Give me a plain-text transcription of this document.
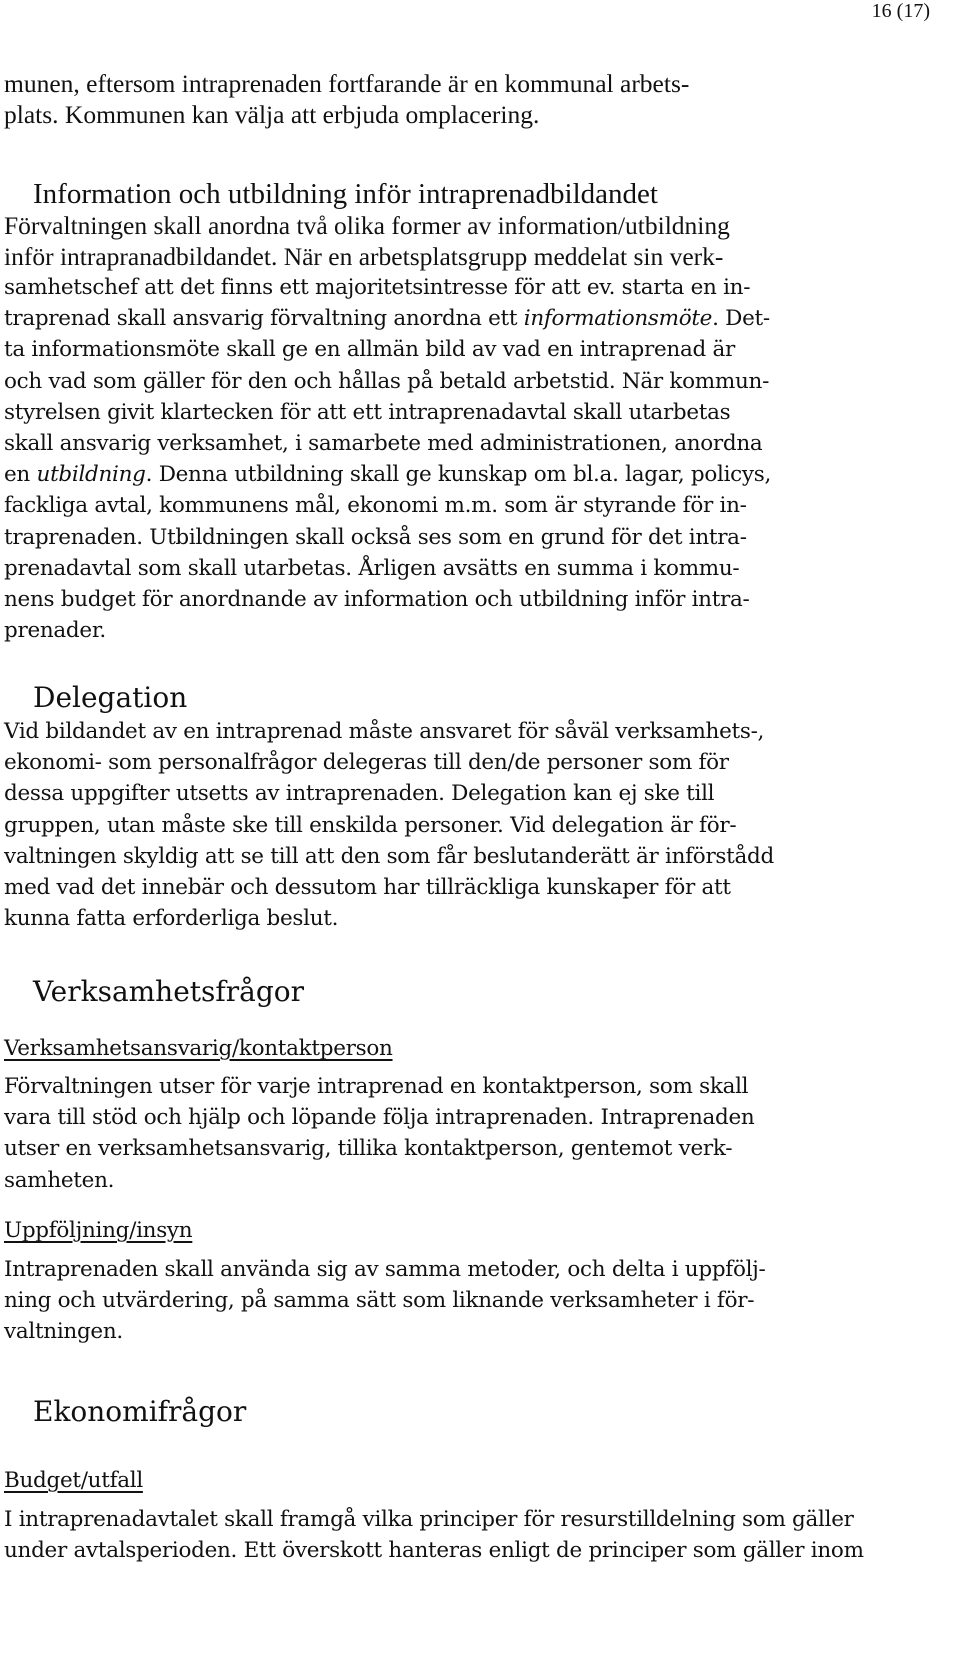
16 (17)
munen, eftersom intraprenaden fortfarande är en kommunal arbets-
plats. Kommunen kan välja att erbjuda omplacering.
Information och utbildning inför intraprenadbildandet
Förvaltningen skall anordna två olika former av information/utbildning
inför intrapranadbildandet. När en arbetsplatsgrupp meddelat sin verk-
samhetschef att det finns ett majoritetsintresse för att ev. starta en in-
traprenad skall ansvarig förvaltning anordna ett informationsmöte. Det-
ta informationsmöte skall ge en allmän bild av vad en intraprenad är
och vad som gäller för den och hållas på betald arbetstid. När kommun-
styrelsen givit klartecken för att ett intraprenadavtal skall utarbetas
skall ansvarig verksamhet, i samarbete med administrationen, anordna
en utbildning. Denna utbildning skall ge kunskap om bl.a. lagar, policys,
fackliga avtal, kommunens mål, ekonomi m.m. som är styrande för in-
traprenaden. Utbildningen skall också ses som en grund för det intra-
prenadavtal som skall utarbetas. Årligen avsätts en summa i kommu-
nens budget för anordnande av information och utbildning inför intra-
prenader.
Delegation
Vid bildandet av en intraprenad måste ansvaret för såväl verksamhets-,
ekonomi- som personalfrågor delegeras till den/de personer som för
dessa uppgifter utsetts av intraprenaden. Delegation kan ej ske till
gruppen, utan måste ske till enskilda personer. Vid delegation är för-
valtningen skyldig att se till att den som får beslutanderätt är införstådd
med vad det innebär och dessutom har tillräckliga kunskaper för att
kunna fatta erforderliga beslut.
Verksamhetsfrågor
Verksamhetsansvarig/kontaktperson
Förvaltningen utser för varje intraprenad en kontaktperson, som skall
vara till stöd och hjälp och löpande följa intraprenaden. Intraprenaden
utser en verksamhetsansvarig, tillika kontaktperson, gentemot verk-
samheten.
Uppföljning/insyn
Intraprenaden skall använda sig av samma metoder, och delta i uppfölj-
ning och utvärdering, på samma sätt som liknande verksamheter i för-
valtningen.
Ekonomifrågor
Budget/utfall
I intraprenadavtalet skall framgå vilka principer för resurstilldelning som gäller
under avtalsperioden. Ett överskott hanteras enligt de principer som gäller inom
